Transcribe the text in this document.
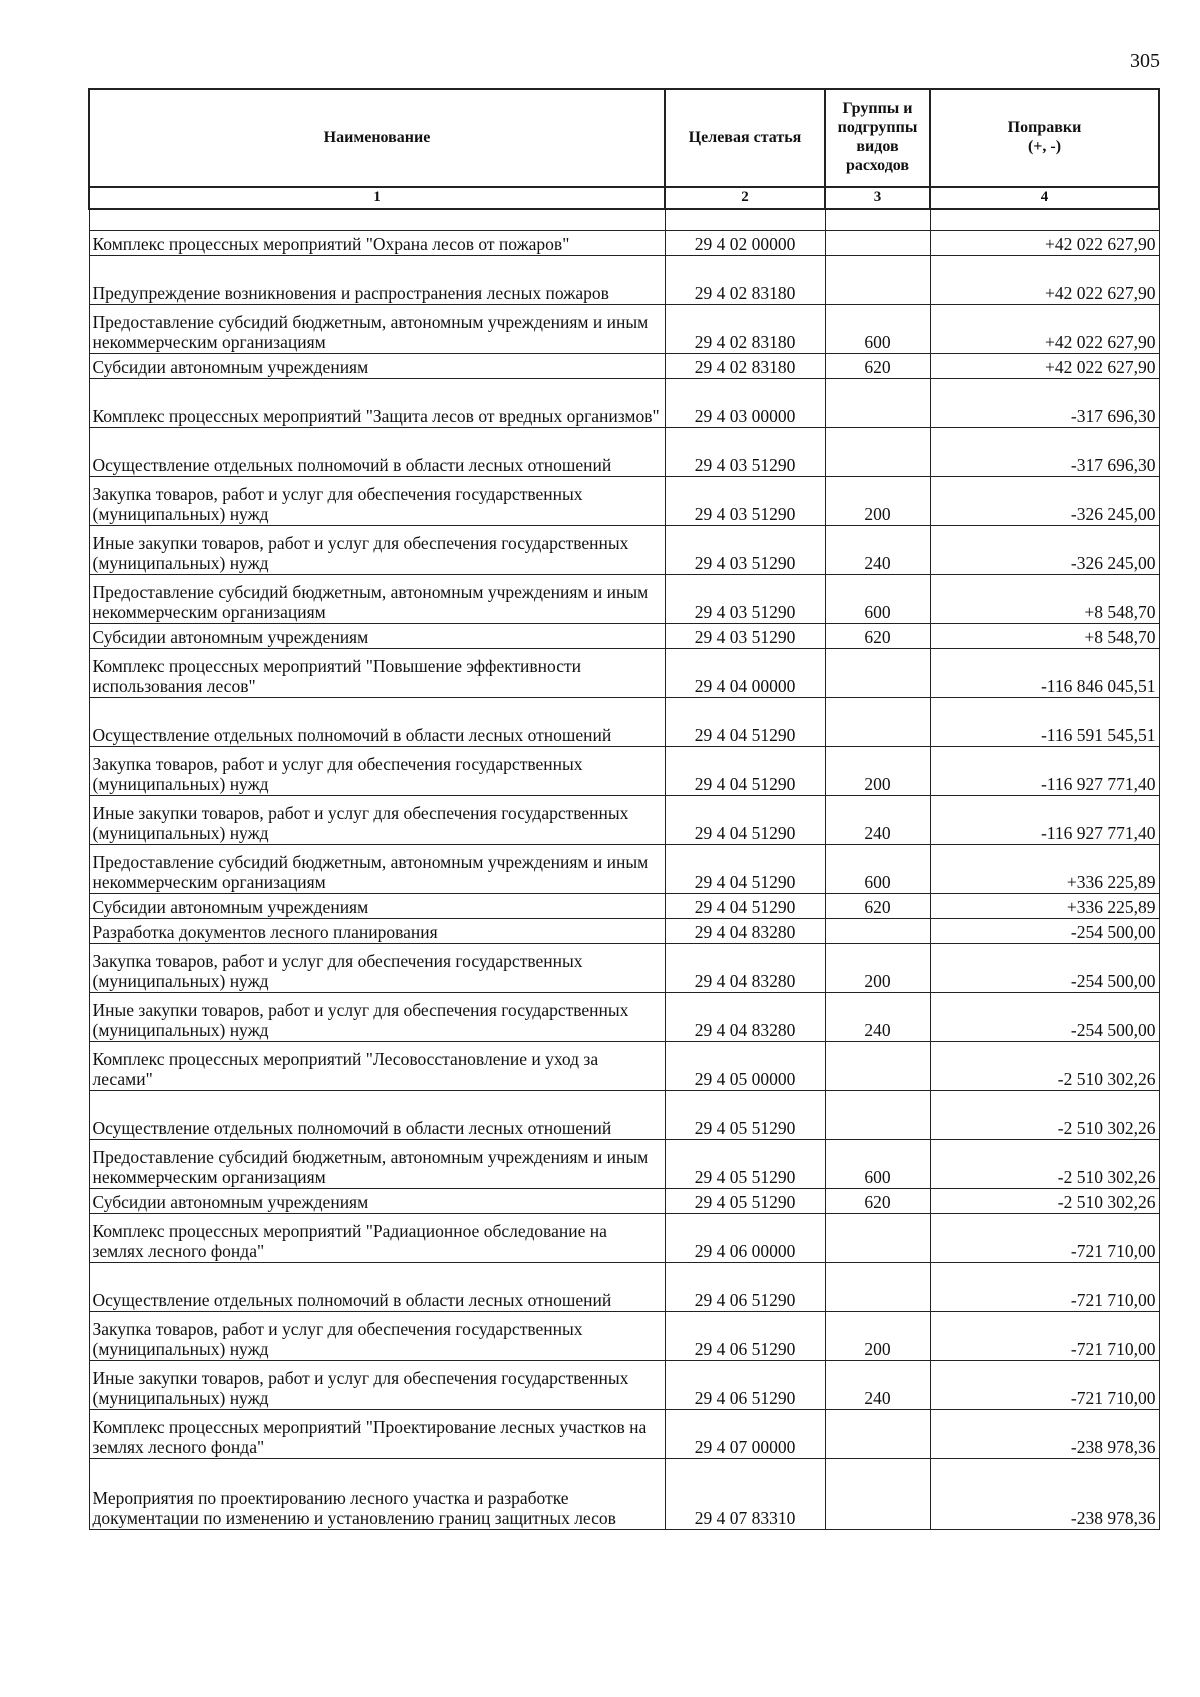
305
Наименование	Целевая статья	Группы и подгруппы видов расходов	Поправки
(+, -)
1	2	3	4

Комплекс процессных мероприятий "Охрана лесов от пожаров"	29 4 02 00000		+42 022 627,90
Предупреждение возникновения и распространения лесных пожаров	29 4 02 83180		+42 022 627,90
Предоставление субсидий бюджетным, автономным учреждениям и иным некоммерческим организациям	29 4 02 83180	600	+42 022 627,90
Субсидии автономным учреждениям	29 4 02 83180	620	+42 022 627,90
Комплекс процессных мероприятий "Защита лесов от вредных организмов"	29 4 03 00000		-317 696,30
Осуществление отдельных полномочий в области лесных отношений	29 4 03 51290		-317 696,30
Закупка товаров, работ и услуг для обеспечения государственных (муниципальных) нужд	29 4 03 51290	200	-326 245,00
Иные закупки товаров, работ и услуг для обеспечения государственных (муниципальных) нужд	29 4 03 51290	240	-326 245,00
Предоставление субсидий бюджетным, автономным учреждениям и иным некоммерческим организациям	29 4 03 51290	600	+8 548,70
Субсидии автономным учреждениям	29 4 03 51290	620	+8 548,70
Комплекс процессных мероприятий "Повышение эффективности использования лесов"	29 4 04 00000		-116 846 045,51
Осуществление отдельных полномочий в области лесных отношений	29 4 04 51290		-116 591 545,51
Закупка товаров, работ и услуг для обеспечения государственных (муниципальных) нужд	29 4 04 51290	200	-116 927 771,40
Иные закупки товаров, работ и услуг для обеспечения государственных (муниципальных) нужд	29 4 04 51290	240	-116 927 771,40
Предоставление субсидий бюджетным, автономным учреждениям и иным некоммерческим организациям	29 4 04 51290	600	+336 225,89
Субсидии автономным учреждениям	29 4 04 51290	620	+336 225,89
Разработка документов лесного планирования	29 4 04 83280		-254 500,00
Закупка товаров, работ и услуг для обеспечения государственных (муниципальных) нужд	29 4 04 83280	200	-254 500,00
Иные закупки товаров, работ и услуг для обеспечения государственных (муниципальных) нужд	29 4 04 83280	240	-254 500,00
Комплекс процессных мероприятий "Лесовосстановление и уход за лесами"	29 4 05 00000		-2 510 302,26
Осуществление отдельных полномочий в области лесных отношений	29 4 05 51290		-2 510 302,26
Предоставление субсидий бюджетным, автономным учреждениям и иным некоммерческим организациям	29 4 05 51290	600	-2 510 302,26
Субсидии автономным учреждениям	29 4 05 51290	620	-2 510 302,26
Комплекс процессных мероприятий "Радиационное обследование на землях лесного фонда"	29 4 06 00000		-721 710,00
Осуществление отдельных полномочий в области лесных отношений	29 4 06 51290		-721 710,00
Закупка товаров, работ и услуг для обеспечения государственных (муниципальных) нужд	29 4 06 51290	200	-721 710,00
Иные закупки товаров, работ и услуг для обеспечения государственных (муниципальных) нужд	29 4 06 51290	240	-721 710,00
Комплекс процессных мероприятий "Проектирование лесных участков на землях лесного фонда"	29 4 07 00000		-238 978,36
Мероприятия по проектированию лесного участка и разработке документации по изменению и установлению границ защитных лесов	29 4 07 83310		-238 978,36
